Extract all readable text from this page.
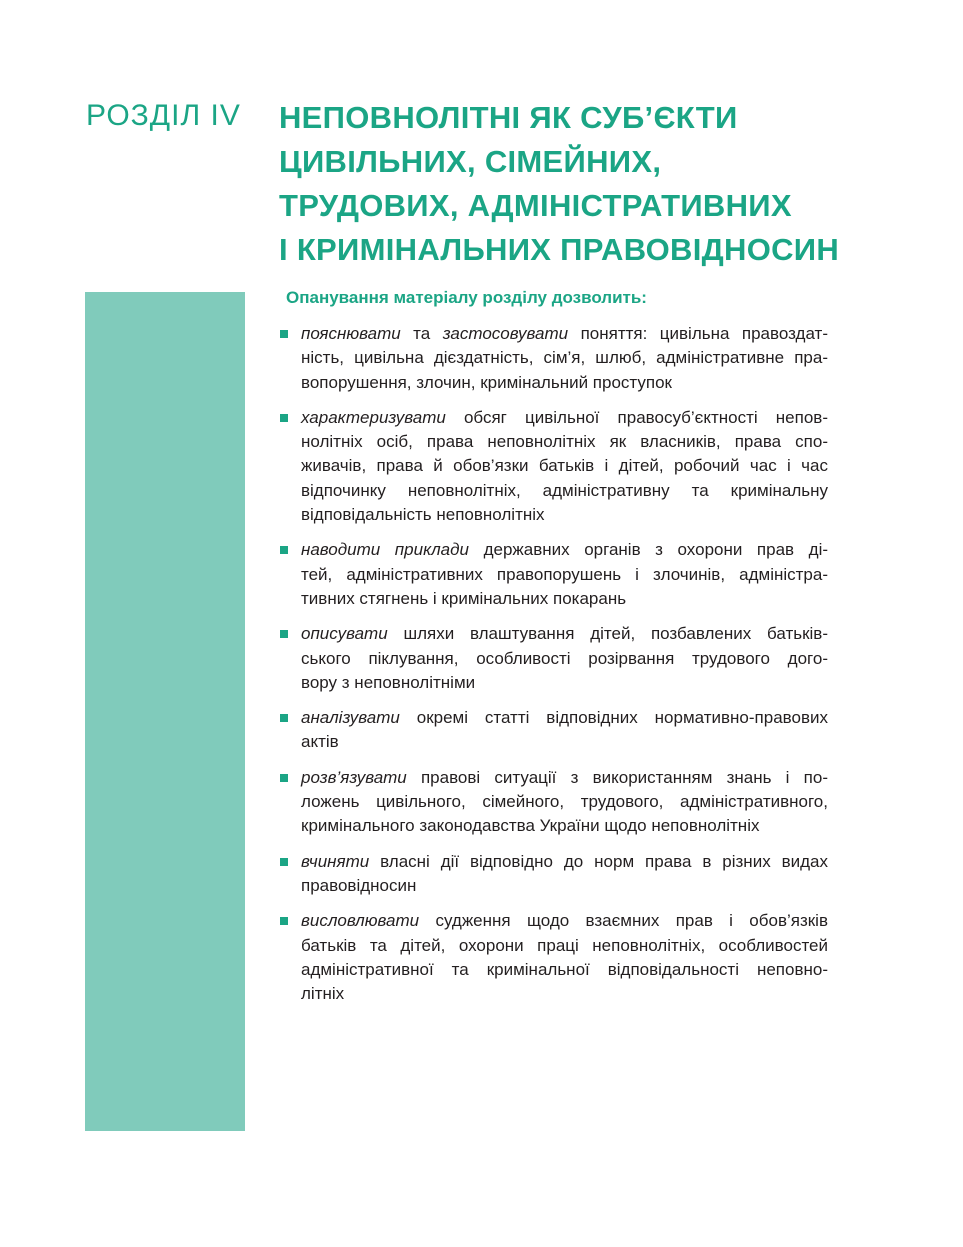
РОЗДІЛ IV НЕПОВНОЛІТНІ ЯК СУБ’ЄКТИ
ЦИВІЛЬНИХ, СІМЕЙНИХ,
ТРУДОВИХ, АДМІНІСТРАТИВНИХ
І КРИМІНАЛЬНИХ ПРАВОВІДНОСИН
Опанування матеріалу розділу дозволить:
пояснювати та застосовувати поняття: цивільна правоздат-
ність, цивільна дієздатність, сім’я, шлюб, адміністративне пра-
вопорушення, злочин, кримінальний проступок
характеризувати обсяг цивільної правосуб’єктності непов-
нолітніх осіб, права неповнолітніх як власників, права спо-
живачів, права й обов’язки батьків і дітей, робочий час і час
відпочинку неповнолітніх, адміністративну та кримінальну
відповідальність неповнолітніх
наводити приклади державних органів з охорони прав ді-
тей, адміністративних правопорушень і злочинів, адміністра-
тивних стягнень і кримінальних покарань
описувати шляхи влаштування дітей, позбавлених батьків-
ського піклування, особливості розірвання трудового дого-
вору з неповнолітніми
аналізувати окремі статті відповідних нормативно-правових
актів
розв’язувати правові ситуації з використанням знань і по-
ложень цивільного, сімейного, трудового, адміністративного,
кримінального законодавства України щодо неповнолітніх
вчиняти власні дії відповідно до норм права в різних видах
правовідносин
висловлювати судження щодо взаємних прав і обов’язків
батьків та дітей, охорони праці неповнолітніх, особливостей
адміністративної та кримінальної відповідальності неповно-
літніх
